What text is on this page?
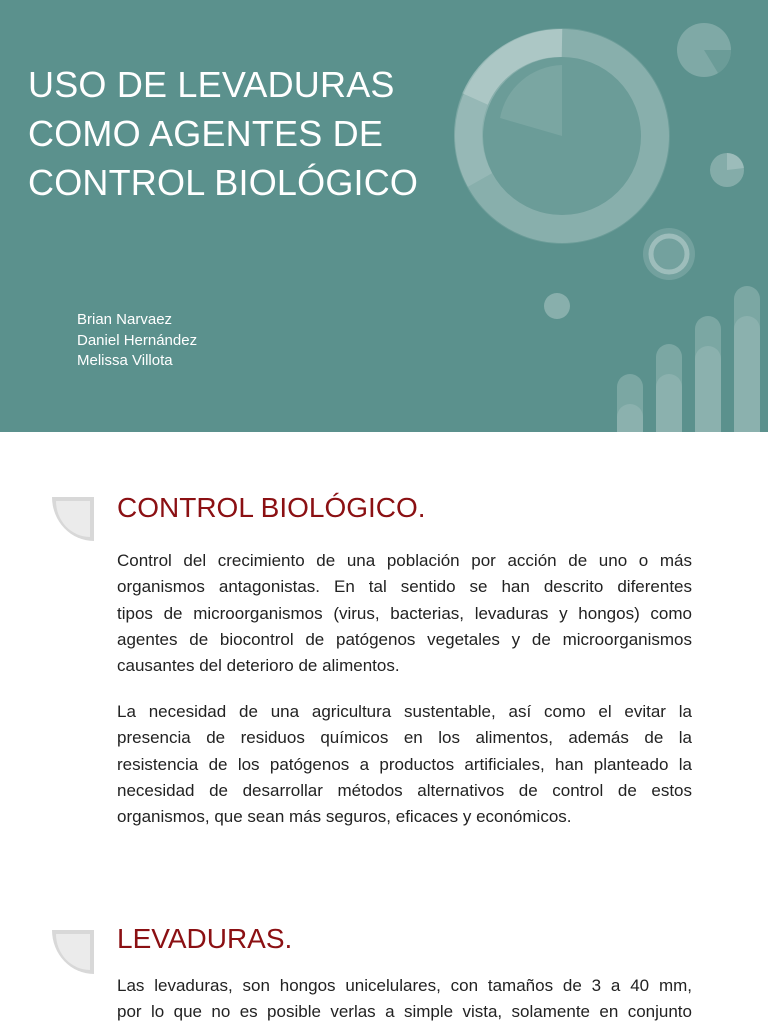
USO DE LEVADURAS
COMO AGENTES DE
CONTROL BIOLÓGICO
Brian Narvaez
Daniel Hernández
Melissa Villota
CONTROL BIOLÓGICO.

Control del crecimiento de una población por acción de uno o más
organismos antagonistas. En tal sentido se han descrito diferentes
tipos de microorganismos (virus, bacterias, levaduras y hongos) como
agentes de biocontrol de patógenos vegetales y de microorganismos
causantes del deterioro de alimentos.

La necesidad de una agricultura sustentable, así como el evitar la
presencia de residuos químicos en los alimentos, además de la
resistencia de los patógenos a productos artificiales, han planteado la
necesidad de desarrollar métodos alternativos de control de estos
organismos, que sean más seguros, eficaces y económicos.

LEVADURAS.

Las levaduras, son hongos unicelulares, con tamaños de 3 a 40 mm,
por lo que no es posible verlas a simple vista, solamente en conjunto
